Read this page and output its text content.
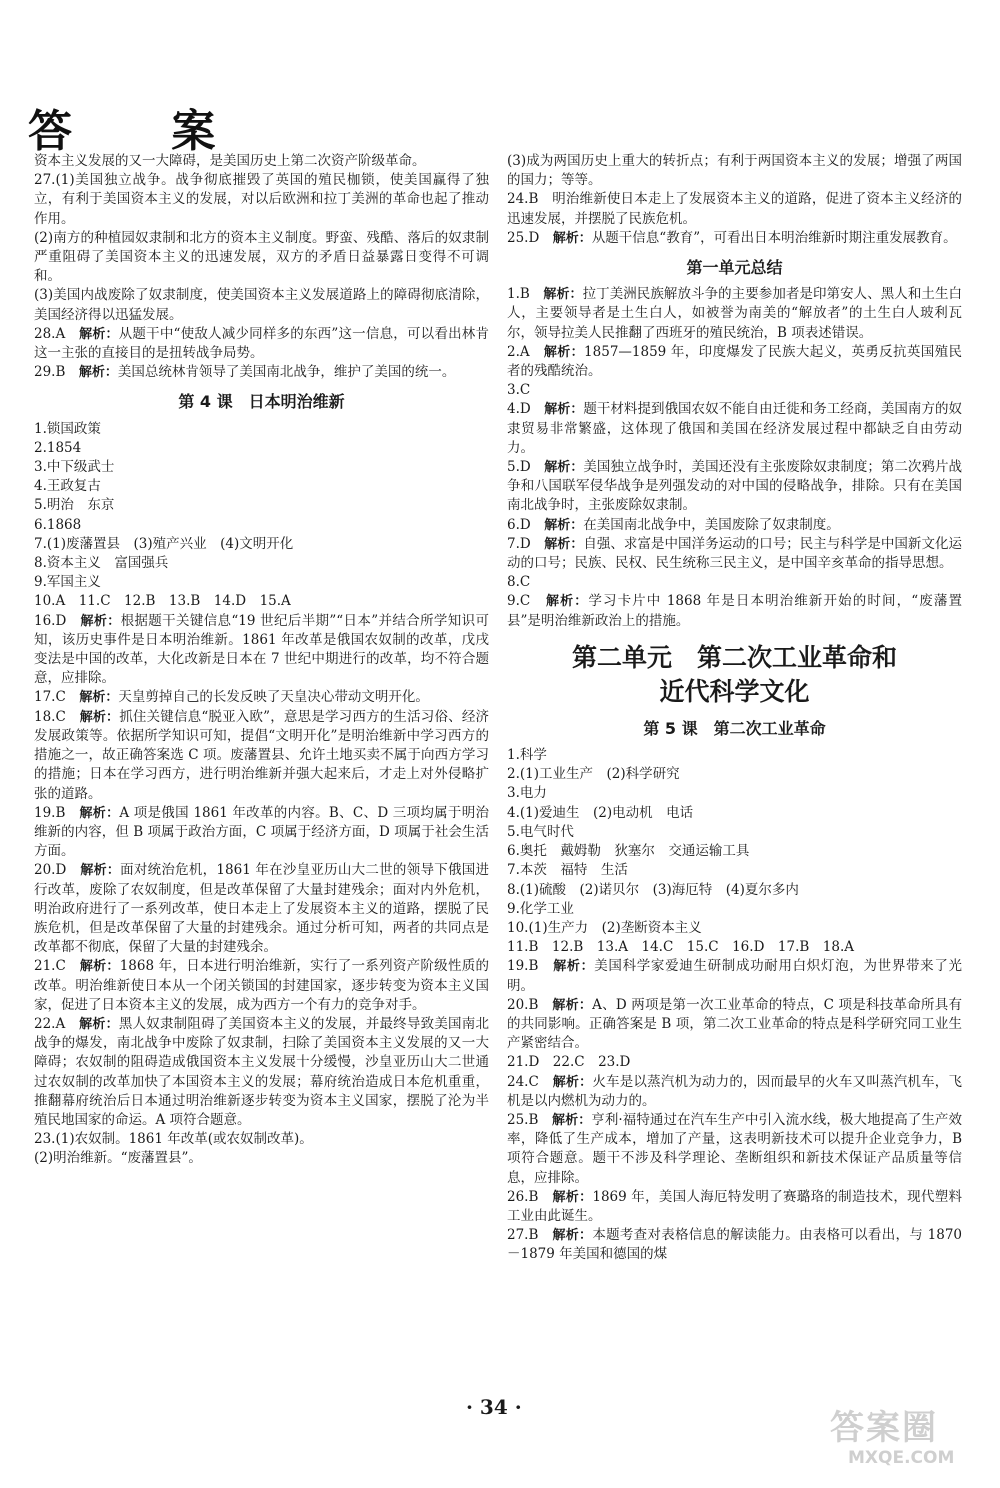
答 案

资本主义发展的又一大障碍，是美国历史上第二次资产阶级革命。

27.(1)美国独立战争。战争彻底摧毁了英国的殖民枷锁，使美国赢得了独立，有利于美国资本主义的发展，对以后欧洲和拉丁美洲的革命也起了推动作用。

(2)南方的种植园奴隶制和北方的资本主义制度。野蛮、残酷、落后的奴隶制严重阻碍了美国资本主义的迅速发展，双方的矛盾日益暴露日变得不可调和。

(3)美国内战废除了奴隶制度，使美国资本主义发展道路上的障碍彻底清除，美国经济得以迅猛发展。

28.A　 解析：从题干中“使敌人减少同样多的东西”这一信息，可以看出林肯这一主张的直接目的是扭转战争局势。

29.B　 解析：美国总统林肯领导了美国南北战争，维护了美国的统一。

第 4 课　日本明治维新

1.锁国政策

2.1854

3.中下级武士

4.王政复古

5.明治　东京

6.1868

7.(1)废藩置县　(3)殖产兴业　(4)文明开化

8.资本主义　富国强兵

9.军国主义

10.A　11.C　12.B　13.B　14.D　15.A

16.D　 解析：根据题干关键信息“19 世纪后半期”“日本”并结合所学知识可知，该历史事件是日本明治维新。1861 年改革是俄国农奴制的改革，戊戌变法是中国的改革，大化改新是日本在 7 世纪中期进行的改革，均不符合题意，应排除。

17.C　 解析：天皇剪掉自己的长发反映了天皇决心带动文明开化。

18.C　 解析：抓住关键信息“脱亚入欧”，意思是学习西方的生活习俗、经济发展政策等。依据所学知识可知，提倡“文明开化”是明治维新中学习西方的措施之一，故正确答案选 C 项。废藩置县、允许土地买卖不属于向西方学习的措施；日本在学习西方，进行明治维新并强大起来后，才走上对外侵略扩张的道路。

19.B　 解析：A 项是俄国 1861 年改革的内容。B、C、D 三项均属于明治维新的内容，但 B 项属于政治方面，C 项属于经济方面，D 项属于社会生活方面。

20.D　 解析：面对统治危机，1861 年在沙皇亚历山大二世的领导下俄国进行改革，废除了农奴制度，但是改革保留了大量封建残余；面对内外危机，明治政府进行了一系列改革，使日本走上了发展资本主义的道路，摆脱了民族危机，但是改革保留了大量的封建残余。通过分析可知，两者的共同点是改革都不彻底，保留了大量的封建残余。

21.C　 解析：1868 年，日本进行明治维新，实行了一系列资产阶级性质的改革。明治维新使日本从一个闭关锁国的封建国家，逐步转变为资本主义国家，促进了日本资本主义的发展，成为西方一个有力的竞争对手。

22.A　 解析：黑人奴隶制阻碍了美国资本主义的发展，并最终导致美国南北战争的爆发，南北战争中废除了奴隶制，扫除了美国资本主义发展的又一大障碍；农奴制的阻碍造成俄国资本主义发展十分缓慢，沙皇亚历山大二世通过农奴制的改革加快了本国资本主义的发展；幕府统治造成日本危机重重，推翻幕府统治后日本通过明治维新逐步转变为资本主义国家，摆脱了沦为半殖民地国家的命运。A 项符合题意。

23.(1)农奴制。1861 年改革(或农奴制改革)。

(2)明治维新。“废藩置县”。

(3)成为两国历史上重大的转折点；有利于两国资本主义的发展；增强了两国的国力；等等。

24.B　明治维新使日本走上了发展资本主义的道路，促进了资本主义经济的迅速发展，并摆脱了民族危机。

25.D　 解析：从题干信息“教育”，可看出日本明治维新时期注重发展教育。

第一单元总结

1.B　 解析：拉丁美洲民族解放斗争的主要参加者是印第安人、黑人和土生白人，主要领导者是土生白人，如被誉为南美的“解放者”的土生白人玻利瓦尔，领导拉美人民推翻了西班牙的殖民统治，B 项表述错误。

2.A　 解析：1857—1859 年，印度爆发了民族大起义，英勇反抗英国殖民者的残酷统治。

3.C

4.D　 解析：题干材料提到俄国农奴不能自由迁徙和务工经商，美国南方的奴隶贸易非常繁盛，这体现了俄国和美国在经济发展过程中都缺乏自由劳动力。

5.D　 解析：美国独立战争时，美国还没有主张废除奴隶制度；第二次鸦片战争和八国联军侵华战争是列强发动的对中国的侵略战争，排除。只有在美国南北战争时，主张废除奴隶制。

6.D　 解析：在美国南北战争中，美国废除了奴隶制度。

7.D　 解析：自强、求富是中国洋务运动的口号；民主与科学是中国新文化运动的口号；民族、民权、民生统称三民主义，是中国辛亥革命的指导思想。

8.C

9.C　 解析：学习卡片中 1868 年是日本明治维新开始的时间，“废藩置县”是明治维新政治上的措施。

第二单元　第二次工业革命和
近代科学文化
第 5 课　第二次工业革命

1.科学

2.(1)工业生产　(2)科学研究

3.电力

4.(1)爱迪生　(2)电动机　电话

5.电气时代

6.奥托　戴姆勒　狄塞尔　交通运输工具

7.本茨　福特　生活

8.(1)硫酸　(2)诺贝尔　(3)海厄特　(4)夏尔多内

9.化学工业

10.(1)生产力　(2)垄断资本主义

11.B　12.B　13.A　14.C　15.C　16.D　17.B　18.A

19.B　 解析：美国科学家爱迪生研制成功耐用白炽灯泡，为世界带来了光明。

20.B　 解析：A、D 两项是第一次工业革命的特点，C 项是科技革命所具有的共同影响。正确答案是 B 项，第二次工业革命的特点是科学研究同工业生产紧密结合。

21.D　22.C　23.D

24.C　 解析：火车是以蒸汽机为动力的，因而最早的火车又叫蒸汽机车，飞机是以内燃机为动力的。

25.B　 解析：亨利·福特通过在汽车生产中引入流水线，极大地提高了生产效率，降低了生产成本，增加了产量，这表明新技术可以提升企业竞争力，B 项符合题意。题干不涉及科学理论、垄断组织和新技术保证产品质量等信息，应排除。

26.B　 解析：1869 年，美国人海厄特发明了赛璐珞的制造技术，现代塑料工业由此诞生。

27.B　 解析：本题考查对表格信息的解读能力。由表格可以看出，与 1870－1879 年美国和德国的煤

· 34 ·
答案圈
MXQE.COM
